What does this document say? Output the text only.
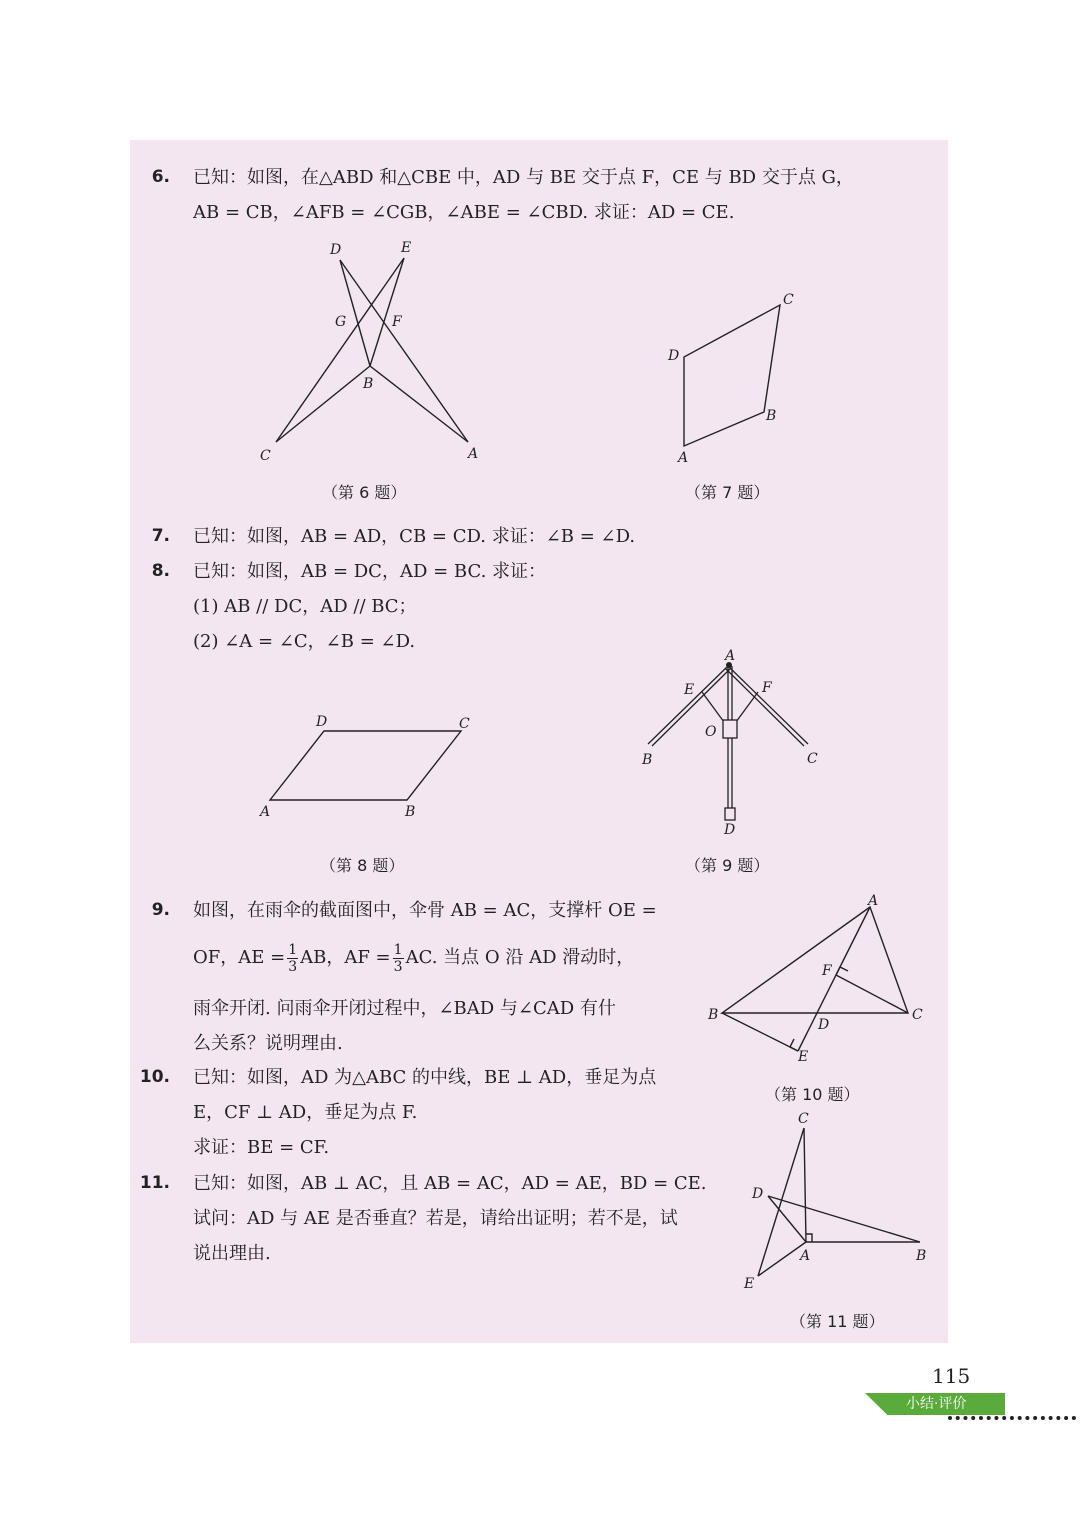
6. 已知：如图，在△ABD 和△CBE 中，AD 与 BE 交于点 F，CE 与 BD 交于点 G，
AB = CB，∠AFB = ∠CGB，∠ABE = ∠CBD. 求证：AD = CE.
D	E
G	F
B
C	A
（第 6 题）
C
D
B
A
（第 7 题）
7. 已知：如图，AB = AD，CB = CD. 求证：∠B = ∠D.
8. 已知：如图，AB = DC，AD = BC. 求证：
(1) AB // DC，AD // BC；
(2) ∠A = ∠C，∠B = ∠D.
D	C
A	B
（第 8 题）
A
E	F
O
B	C
D
（第 9 题）
9. 如图，在雨伞的截面图中，伞骨 AB = AC，支撑杆 OE =
OF，AE = $\frac{1}{3}$ AB，AF = $\frac{1}{3}$ AC. 当点 O 沿 AD 滑动时，
雨伞开闭. 问雨伞开闭过程中，∠BAD 与∠CAD 有什
么关系？说明理由.
A
F
B
D
C
E
（第 10 题）
10. 已知：如图，AD 为△ABC 的中线，BE ⊥ AD，垂足为点
E，CF ⊥ AD，垂足为点 F.
求证：BE = CF.
11. 已知：如图，AB ⊥ AC，且 AB = AC，AD = AE，BD = CE.
试问：AD 与 AE 是否垂直？若是，请给出证明；若不是，试
说出理由.
C
D
A	B
E
（第 11 题）
115
小结·评价
